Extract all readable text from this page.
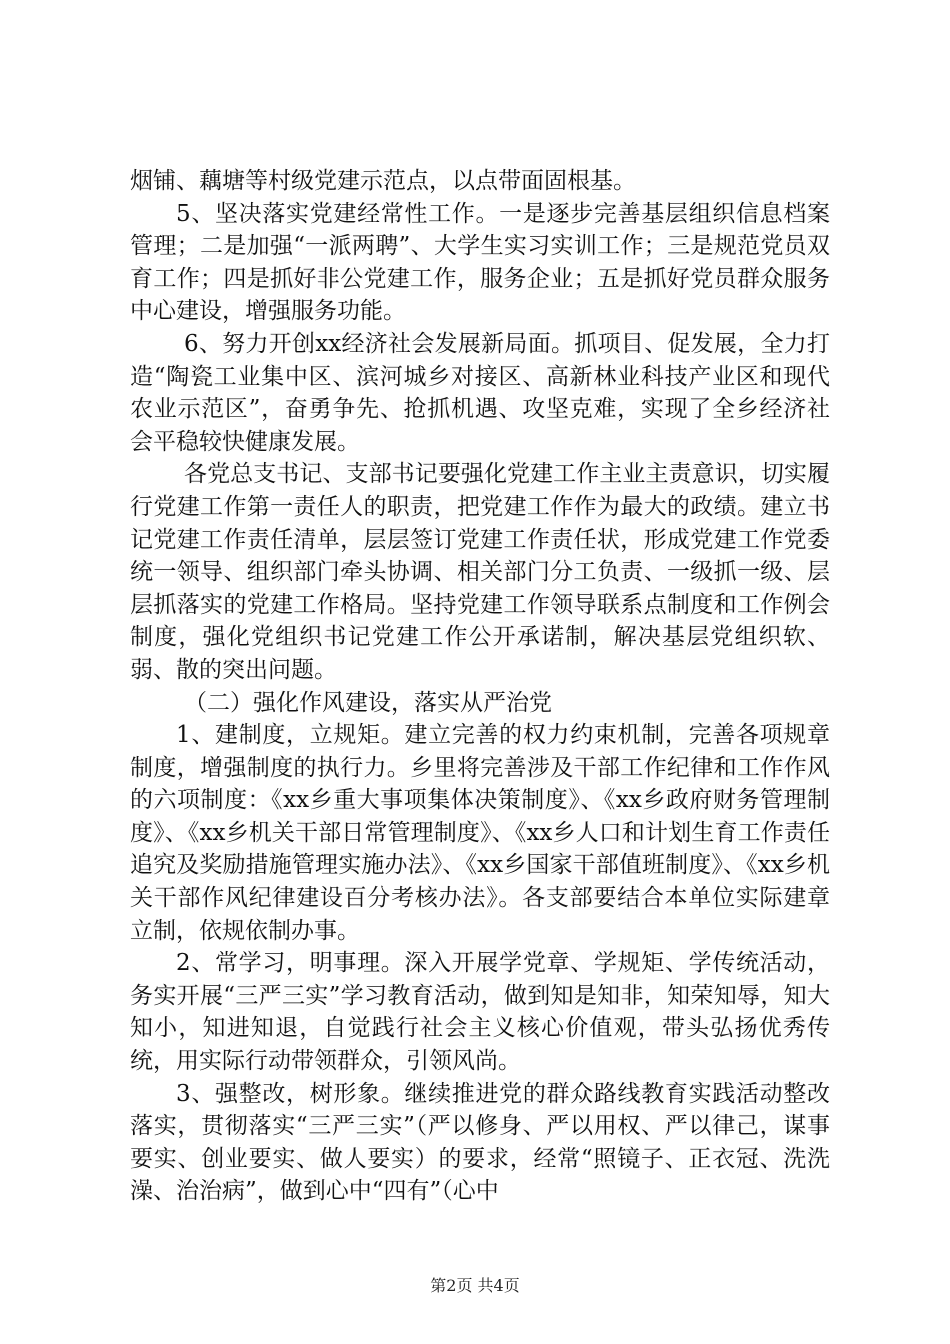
烟铺、藕塘等村级党建示范点，以点带面固根基。

5、坚决落实党建经常性工作。一是逐步完善基层组织信息档案管理；二是加强“一派两聘”、大学生实习实训工作；三是规范党员双育工作；四是抓好非公党建工作，服务企业；五是抓好党员群众服务中心建设，增强服务功能。

6、努力开创xx经济社会发展新局面。抓项目、促发展，全力打造“陶瓷工业集中区、滨河城乡对接区、高新林业科技产业区和现代农业示范区”，奋勇争先、抢抓机遇、攻坚克难，实现了全乡经济社会平稳较快健康发展。

各党总支书记、支部书记要强化党建工作主业主责意识，切实履行党建工作第一责任人的职责，把党建工作作为最大的政绩。建立书记党建工作责任清单，层层签订党建工作责任状，形成党建工作党委统一领导、组织部门牵头协调、相关部门分工负责、一级抓一级、层层抓落实的党建工作格局。坚持党建工作领导联系点制度和工作例会制度，强化党组织书记党建工作公开承诺制，解决基层党组织软、弱、散的突出问题。

（二）强化作风建设，落实从严治党

1、建制度，立规矩。建立完善的权力约束机制，完善各项规章制度，增强制度的执行力。乡里将完善涉及干部工作纪律和工作作风的六项制度：《xx乡重大事项集体决策制度》、《xx乡政府财务管理制度》、《xx乡机关干部日常管理制度》、《xx乡人口和计划生育工作责任追究及奖励措施管理实施办法》、《xx乡国家干部值班制度》、《xx乡机关干部作风纪律建设百分考核办法》。各支部要结合本单位实际建章立制，依规依制办事。

2、常学习，明事理。深入开展学党章、学规矩、学传统活动，务实开展“三严三实”学习教育活动，做到知是知非，知荣知辱，知大知小，知进知退，自觉践行社会主义核心价值观，带头弘扬优秀传统，用实际行动带领群众，引领风尚。

3、强整改，树形象。继续推进党的群众路线教育实践活动整改落实，贯彻落实“三严三实”（严以修身、严以用权、严以律己，谋事要实、创业要实、做人要实）的要求，经常“照镜子、正衣冠、洗洗澡、治治病”，做到心中“四有”（心中

第2页 共4页
